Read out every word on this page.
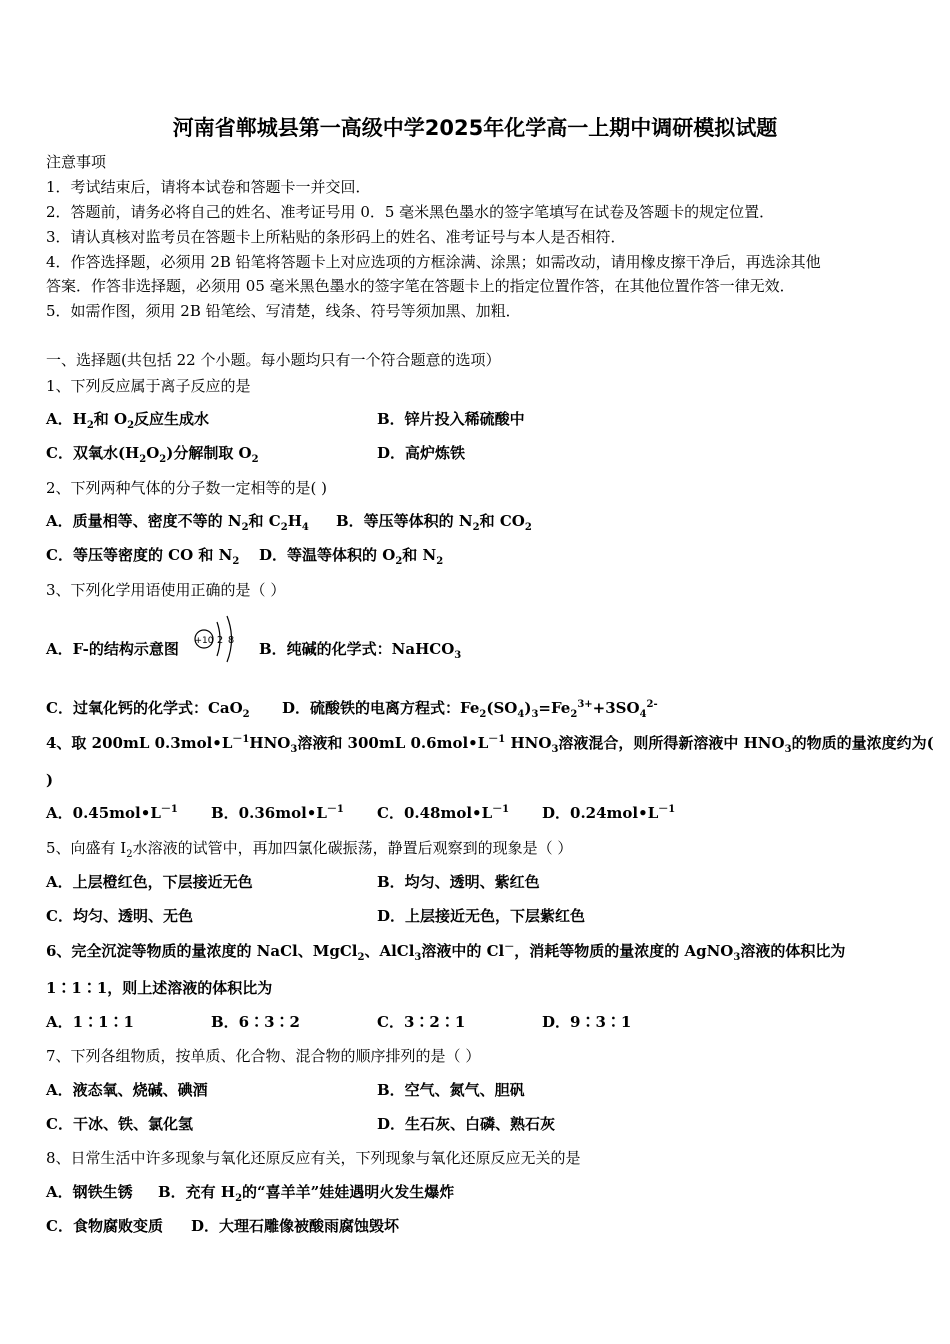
河南省郸城县第一高级中学2025年化学高一上期中调研模拟试题
注意事项
1．考试结束后，请将本试卷和答题卡一并交回．
2．答题前，请务必将自己的姓名、准考证号用 0．5 毫米黑色墨水的签字笔填写在试卷及答题卡的规定位置．
3．请认真核对监考员在答题卡上所粘贴的条形码上的姓名、准考证号与本人是否相符．
4．作答选择题，必须用 2B 铅笔将答题卡上对应选项的方框涂满、涂黑；如需改动，请用橡皮擦干净后，再选涂其他
答案．作答非选择题，必须用 05 毫米黑色墨水的签字笔在答题卡上的指定位置作答，在其他位置作答一律无效．
5．如需作图，须用 2B 铅笔绘、写清楚，线条、符号等须加黑、加粗．
一、选择题(共包括 22 个小题。每小题均只有一个符合题意的选项）
1、下列反应属于离子反应的是
A．$H_2$和 $O_2$反应生成水	B．锌片投入稀硫酸中
C．双氧水$(H_2O_2)$分解制取 $O_2$	D．高炉炼铁
2、下列两种气体的分子数一定相等的是( )
A．质量相等、密度不等的 $N_2$和 $C_2H_4$ B．等压等体积的 $N_2$和 $CO_2$
C．等压等密度的 CO 和 $N_2$ D．等温等体积的 $O_2$和 $N_2$
3、下列化学用语使用正确的是（ ）
A．F-的结构示意图 +10 2 8 B．纯碱的化学式：NaHCO$_3$
C．过氧化钙的化学式：CaO$_2$ D．硫酸铁的电离方程式：$Fe_2(SO_4)_3=Fe_2^{3+}+3SO_4^{2-}$
4、取 200mL $0.3mol•L^{-1}HNO_3$溶液和 300mL $0.6mol•L^{-1}$ $HNO_3$溶液混合，则所得新溶液中 $HNO_3$的物质的量浓度约为(
)
A．$0.45mol•L^{-1}$ B．$0.36mol•L^{-1}$ C．$0.48mol•L^{-1}$ D．$0.24mol•L^{-1}$
5、向盛有 $I_2$水溶液的试管中，再加四氯化碳振荡，静置后观察到的现象是（ ）
A．上层橙红色，下层接近无色	B．均匀、透明、紫红色
C．均匀、透明、无色	D．上层接近无色，下层紫红色
6、完全沉淀等物质的量浓度的 NaCl、MgCl$_2$、AlCl$_3$溶液中的 Cl－，消耗等物质的量浓度的 AgNO$_3$溶液的体积比为
1∶1∶1，则上述溶液的体积比为
A．1∶1∶1	B．6∶3∶2	C．3∶2∶1	D．9∶3∶1
7、下列各组物质，按单质、化合物、混合物的顺序排列的是（ ）
A．液态氧、烧碱、碘酒	B．空气、氮气、胆矾
C．干冰、铁、氯化氢	D．生石灰、白磷、熟石灰
8、日常生活中许多现象与氧化还原反应有关，下列现象与氧化还原反应无关的是
A．钢铁生锈 B．充有 $H_2$的“喜羊羊”娃娃遇明火发生爆炸
C．食物腐败变质 D．大理石雕像被酸雨腐蚀毁坏
